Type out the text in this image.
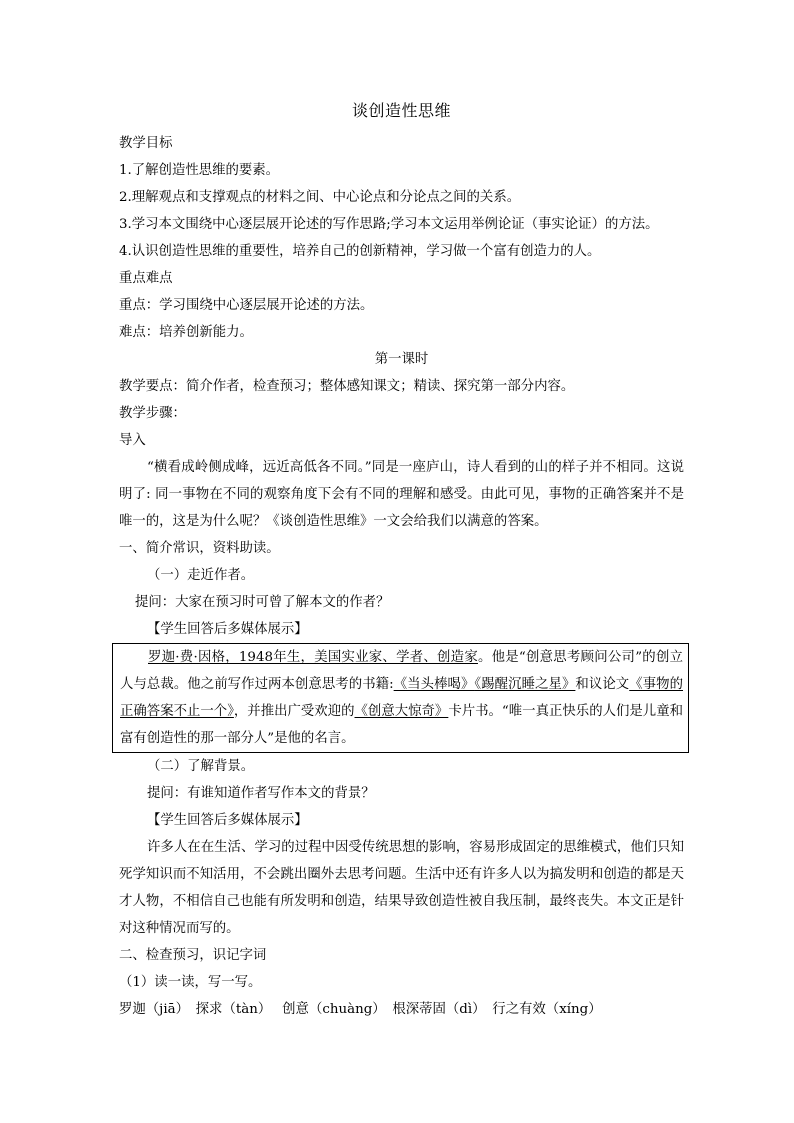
谈创造性思维
教学目标
1.了解创造性思维的要素。
2.理解观点和支撑观点的材料之间、中心论点和分论点之间的关系。
3.学习本文围绕中心逐层展开论述的写作思路;学习本文运用举例论证（事实论证）的方法。
4.认识创造性思维的重要性，培养自己的创新精神，学习做一个富有创造力的人。
重点难点
重点：学习围绕中心逐层展开论述的方法。
难点：培养创新能力。
第一课时
教学要点：简介作者，检查预习；整体感知课文；精读、探究第一部分内容。
教学步骤：
导入

“横看成岭侧成峰，远近高低各不同。”同是一座庐山，诗人看到的山的样子并不相同。这说明了: 同一事物在不同的观察角度下会有不同的理解和感受。由此可见，事物的正确答案并不是唯一的，这是为什么呢？《谈创造性思维》一文会给我们以满意的答案。

一、简介常识，资料助读。
（一）走近作者。
提问：大家在预习时可曾了解本文的作者？
【学生回答后多媒体展示】

罗迦·费·因格，1948年生，美国实业家、学者、创造家。他是“创意思考顾问公司”的创立人与总裁。他之前写作过两本创意思考的书籍:《当头棒喝》《踢醒沉睡之星》和议论文《事物的正确答案不止一个》，并推出广受欢迎的《创意大惊奇》卡片书。“唯一真正快乐的人们是儿童和富有创造性的那一部分人”是他的名言。

（二）了解背景。
提问：有谁知道作者写作本文的背景？
【学生回答后多媒体展示】

许多人在在生活、学习的过程中因受传统思想的影响，容易形成固定的思维模式，他们只知死学知识而不知活用，不会跳出圈外去思考问题。生活中还有许多人以为搞发明和创造的都是天才人物，不相信自己也能有所发明和创造，结果导致创造性被自我压制，最终丧失。本文正是针对这种情况而写的。

二、检查预习，识记字词
（1）读一读，写一写。
罗迦（jiā）　探求（tàn）　 创意（chuàng）　根深蒂固（dì）　行之有效（xíng）
